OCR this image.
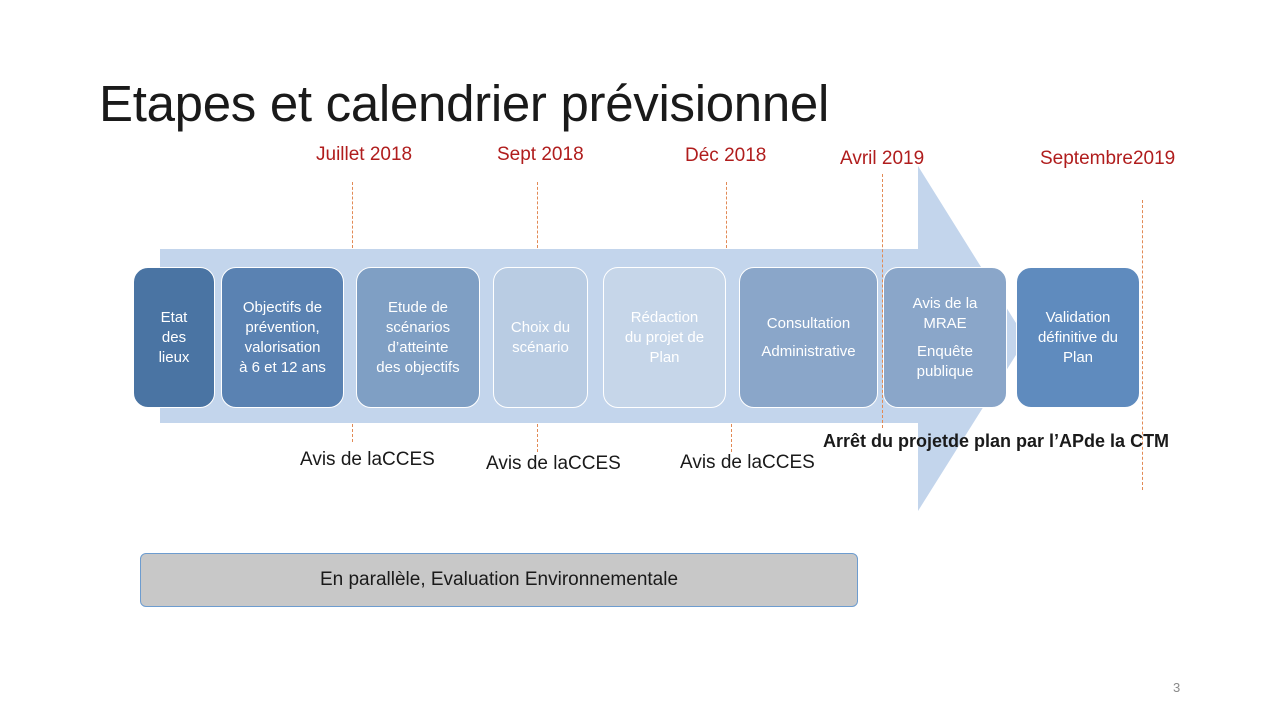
Etapes et calendrier prévisionnel
Juillet 2018	Sept 2018	Déc 2018	Avril 2019	Septembre2019
Etat
des
lieux
Objectifs de
prévention,
valorisation
à 6 et 12 ans
Etude de
scénarios
d’atteinte
des objectifs
Choix du
scénario
Rédaction
du projet de
Plan
Consultation
Administrative
Avis de la
MRAE
Enquête
publique
Validation
définitive du
Plan
Avis de laCCES	Avis de laCCES	Avis de laCCES
Arrêt du projetde plan par l’APde la CTM
En parallèle, Evaluation Environnementale
3
